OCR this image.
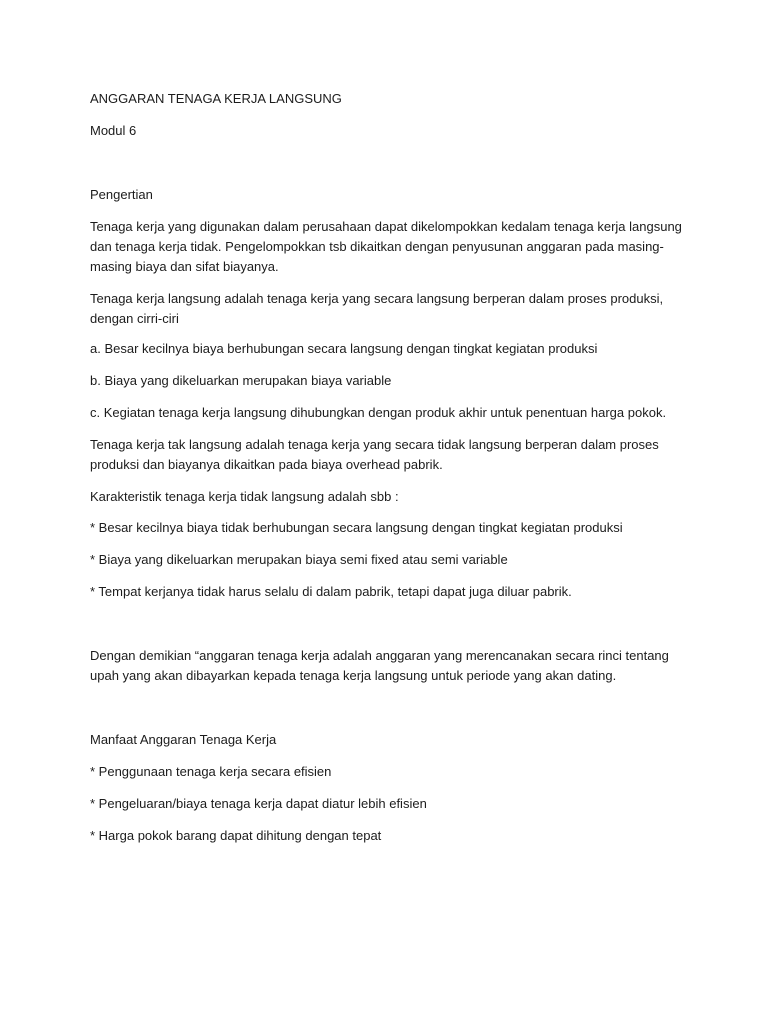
ANGGARAN TENAGA KERJA LANGSUNG

Modul 6

Pengertian

Tenaga kerja yang digunakan dalam perusahaan dapat dikelompokkan kedalam tenaga kerja langsung

dan tenaga kerja tidak. Pengelompokkan tsb dikaitkan dengan penyusunan anggaran pada masing-

masing biaya dan sifat biayanya.

Tenaga kerja langsung adalah tenaga kerja yang secara langsung berperan dalam proses produksi,

dengan cirri-ciri

a. Besar kecilnya biaya berhubungan secara langsung dengan tingkat kegiatan produksi

b. Biaya yang dikeluarkan merupakan biaya variable

c. Kegiatan tenaga kerja langsung dihubungkan dengan produk akhir untuk penentuan harga pokok.

Tenaga kerja tak langsung adalah tenaga kerja yang secara tidak langsung berperan dalam proses

produksi dan biayanya dikaitkan pada biaya overhead pabrik.

Karakteristik tenaga kerja tidak langsung adalah sbb :

* Besar kecilnya biaya tidak berhubungan secara langsung dengan tingkat kegiatan produksi

* Biaya yang dikeluarkan merupakan biaya semi fixed atau semi variable

* Tempat kerjanya tidak harus selalu di dalam pabrik, tetapi dapat juga diluar pabrik.

Dengan demikian “anggaran tenaga kerja adalah anggaran yang merencanakan secara rinci tentang

upah yang akan dibayarkan kepada tenaga kerja langsung untuk periode yang akan dating.

Manfaat Anggaran Tenaga Kerja

* Penggunaan tenaga kerja secara efisien

* Pengeluaran/biaya tenaga kerja dapat diatur lebih efisien

* Harga pokok barang dapat dihitung dengan tepat
